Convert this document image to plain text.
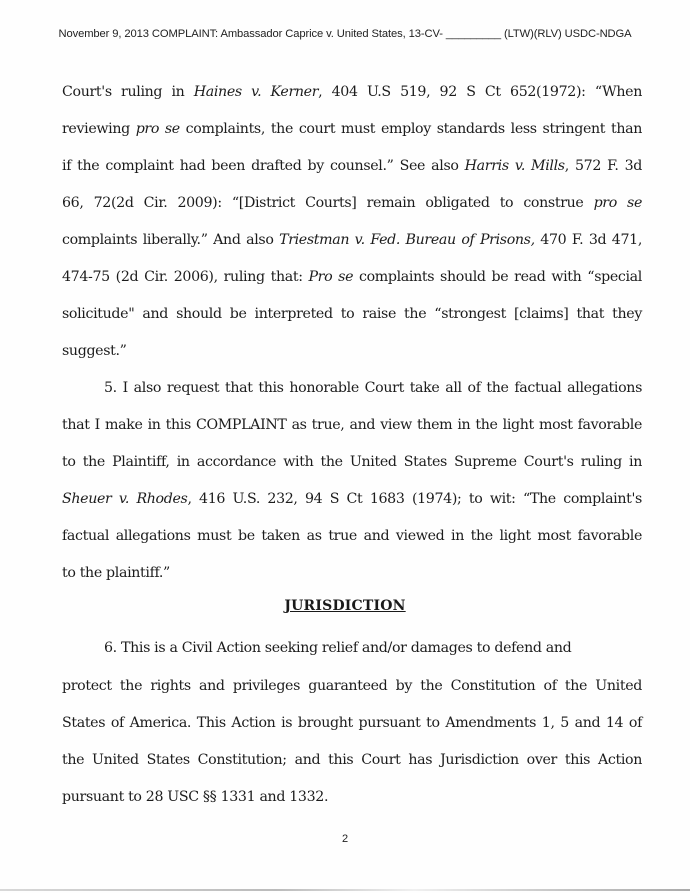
November 9, 2013 COMPLAINT: Ambassador Caprice v. United States, 13-CV- _________ (LTW)(RLV) USDC-NDGA
Court's ruling in Haines v. Kerner, 404 U.S 519, 92 S Ct 652(1972): “When
reviewing pro se complaints, the court must employ standards less stringent than
if the complaint had been drafted by counsel.” See also Harris v. Mills, 572 F. 3d
66, 72(2d Cir. 2009): “[District Courts] remain obligated to construe pro se
complaints liberally.” And also Triestman v. Fed. Bureau of Prisons, 470 F. 3d 471,
474-75 (2d Cir. 2006), ruling that: Pro se complaints should be read with “special
solicitude" and should be interpreted to raise the “strongest [claims] that they
suggest.”
5. I also request that this honorable Court take all of the factual allegations
that I make in this COMPLAINT as true, and view them in the light most favorable
to the Plaintiff, in accordance with the United States Supreme Court's ruling in
Sheuer v. Rhodes, 416 U.S. 232, 94 S Ct 1683 (1974); to wit: “The complaint's
factual allegations must be taken as true and viewed in the light most favorable
to the plaintiff.”
JURISDICTION
6. This is a Civil Action seeking relief and/or damages to defend and
protect the rights and privileges guaranteed by the Constitution of the United
States of America. This Action is brought pursuant to Amendments 1, 5 and 14 of
the United States Constitution; and this Court has Jurisdiction over this Action
pursuant to 28 USC §§ 1331 and 1332.
2
